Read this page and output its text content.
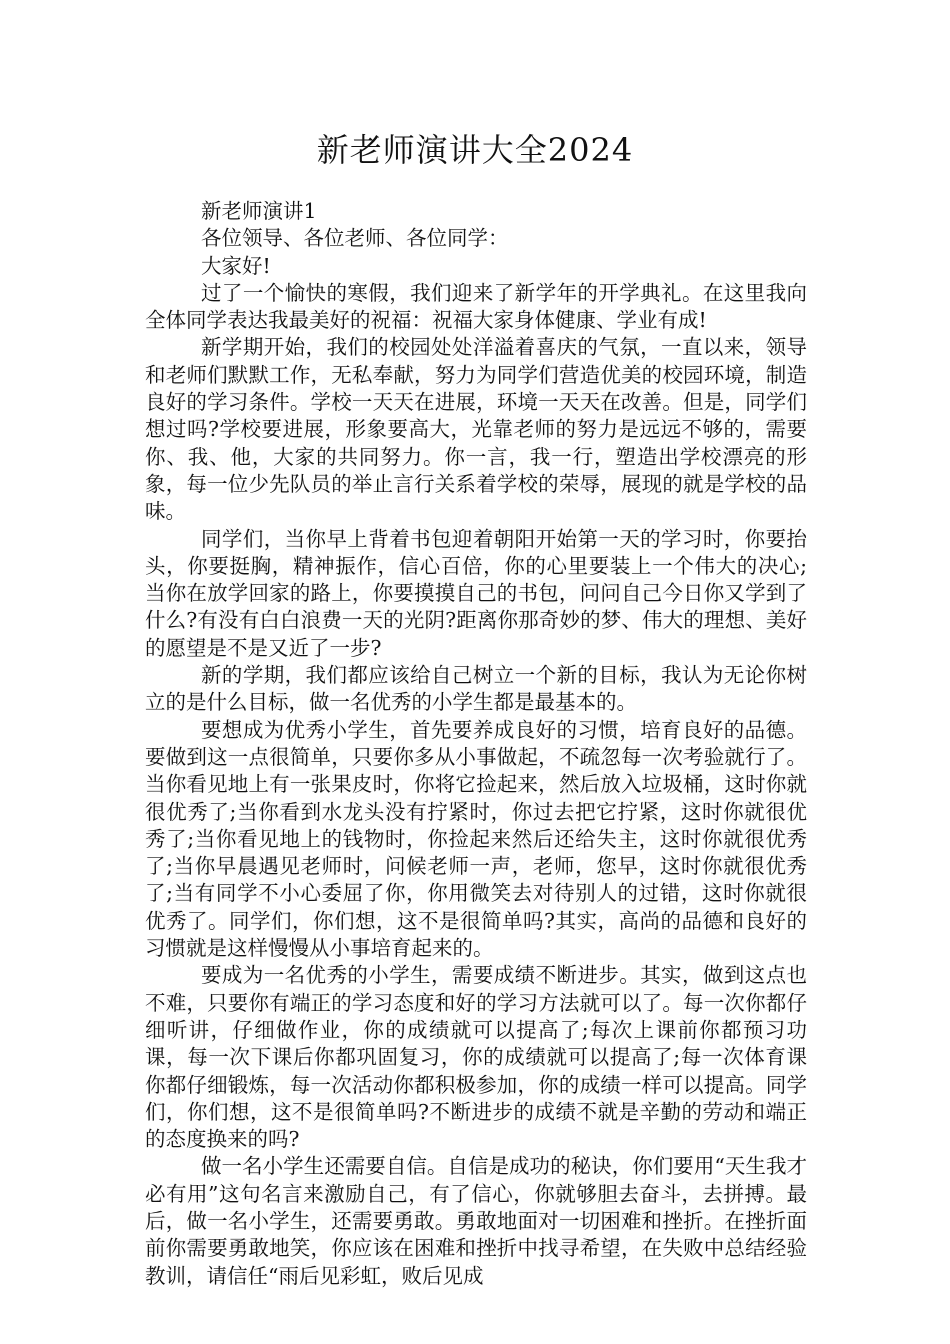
新老师演讲大全2024

新老师演讲1

各位领导、各位老师、各位同学：

大家好!

过了一个愉快的寒假，我们迎来了新学年的开学典礼。在这里我向全体同学表达我最美好的祝福：祝福大家身体健康、学业有成!

新学期开始，我们的校园处处洋溢着喜庆的气氛，一直以来，领导和老师们默默工作，无私奉献，努力为同学们营造优美的校园环境，制造良好的学习条件。学校一天天在进展，环境一天天在改善。但是，同学们想过吗?学校要进展，形象要高大，光靠老师的努力是远远不够的，需要你、我、他，大家的共同努力。你一言，我一行，塑造出学校漂亮的形象，每一位少先队员的举止言行关系着学校的荣辱，展现的就是学校的品味。

同学们，当你早上背着书包迎着朝阳开始第一天的学习时，你要抬头，你要挺胸，精神振作，信心百倍，你的心里要装上一个伟大的决心;当你在放学回家的路上，你要摸摸自己的书包，问问自己今日你又学到了什么?有没有白白浪费一天的光阴?距离你那奇妙的梦、伟大的理想、美好的愿望是不是又近了一步?

新的学期，我们都应该给自己树立一个新的目标，我认为无论你树立的是什么目标，做一名优秀的小学生都是最基本的。

要想成为优秀小学生，首先要养成良好的习惯，培育良好的品德。要做到这一点很简单，只要你多从小事做起，不疏忽每一次考验就行了。当你看见地上有一张果皮时，你将它捡起来，然后放入垃圾桶，这时你就很优秀了;当你看到水龙头没有拧紧时，你过去把它拧紧，这时你就很优秀了;当你看见地上的钱物时，你捡起来然后还给失主，这时你就很优秀了;当你早晨遇见老师时，问候老师一声，老师，您早，这时你就很优秀了;当有同学不小心委屈了你，你用微笑去对待别人的过错，这时你就很优秀了。同学们，你们想，这不是很简单吗?其实，高尚的品德和良好的习惯就是这样慢慢从小事培育起来的。

要成为一名优秀的小学生，需要成绩不断进步。其实，做到这点也不难，只要你有端正的学习态度和好的学习方法就可以了。每一次你都仔细听讲，仔细做作业，你的成绩就可以提高了;每次上课前你都预习功课，每一次下课后你都巩固复习，你的成绩就可以提高了;每一次体育课你都仔细锻炼，每一次活动你都积极参加，你的成绩一样可以提高。同学们，你们想，这不是很简单吗?不断进步的成绩不就是辛勤的劳动和端正的态度换来的吗?

做一名小学生还需要自信。自信是成功的秘诀，你们要用“天生我才必有用”这句名言来激励自己，有了信心，你就够胆去奋斗，去拼搏。最后，做一名小学生，还需要勇敢。勇敢地面对一切困难和挫折。在挫折面前你需要勇敢地笑，你应该在困难和挫折中找寻希望，在失败中总结经验教训，请信任“雨后见彩虹，败后见成
